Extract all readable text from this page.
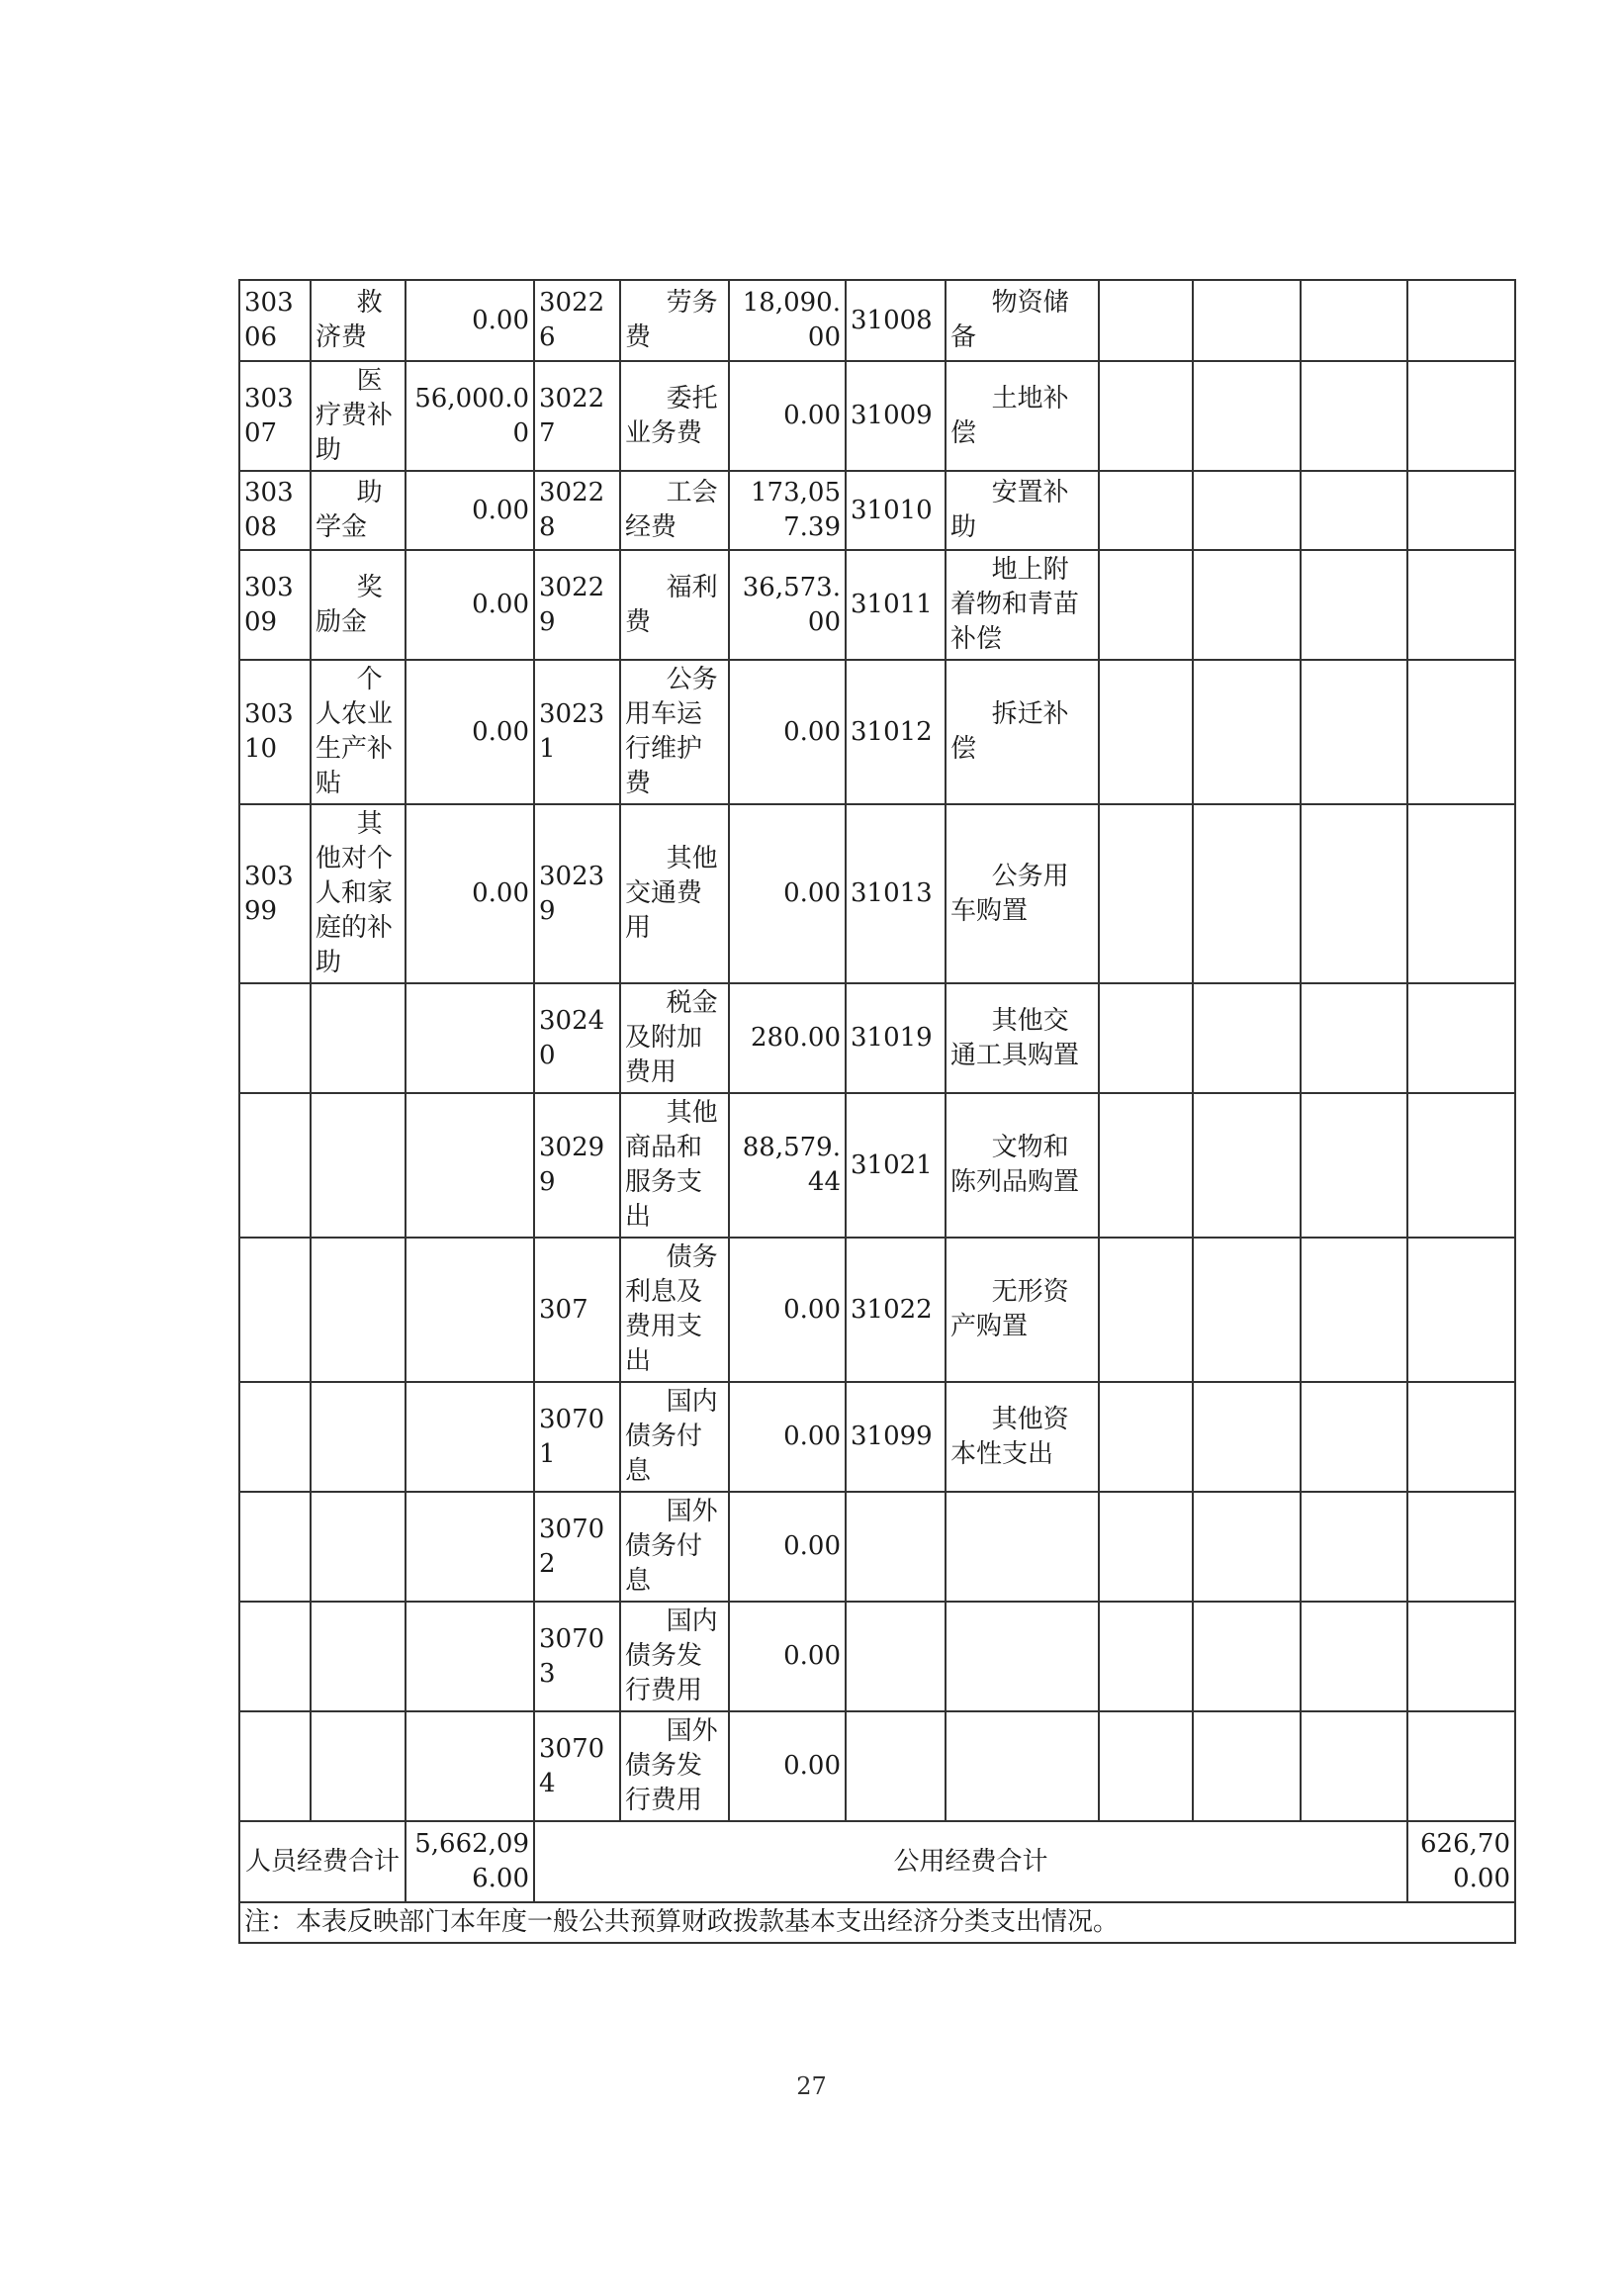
30306	救济费	0.00	30226	劳务费	18,090.00	31008	物资储备				
30307	医疗费补助	56,000.00	30227	委托业务费	0.00	31009	土地补偿				
30308	助学金	0.00	30228	工会经费	173,057.39	31010	安置补助				
30309	奖励金	0.00	30229	福利费	36,573.00	31011	地上附着物和青苗补偿				
30310	个人农业生产补贴	0.00	30231	公务用车运行维护费	0.00	31012	拆迁补偿				
30399	其他对个人和家庭的补助	0.00	30239	其他交通费用	0.00	31013	公务用车购置				
			30240	税金及附加费用	280.00	31019	其他交通工具购置				
			30299	其他商品和服务支出	88,579.44	31021	文物和陈列品购置				
			307	债务利息及费用支出	0.00	31022	无形资产购置				
			30701	国内债务付息	0.00	31099	其他资本性支出				
			30702	国外债务付息	0.00						
			30703	国内债务发行费用	0.00						
			30704	国外债务发行费用	0.00						
人员经费合计		5,662,096.00	公用经费合计								626,700.00
注：本表反映部门本年度一般公共预算财政拨款基本支出经济分类支出情况。											
27
